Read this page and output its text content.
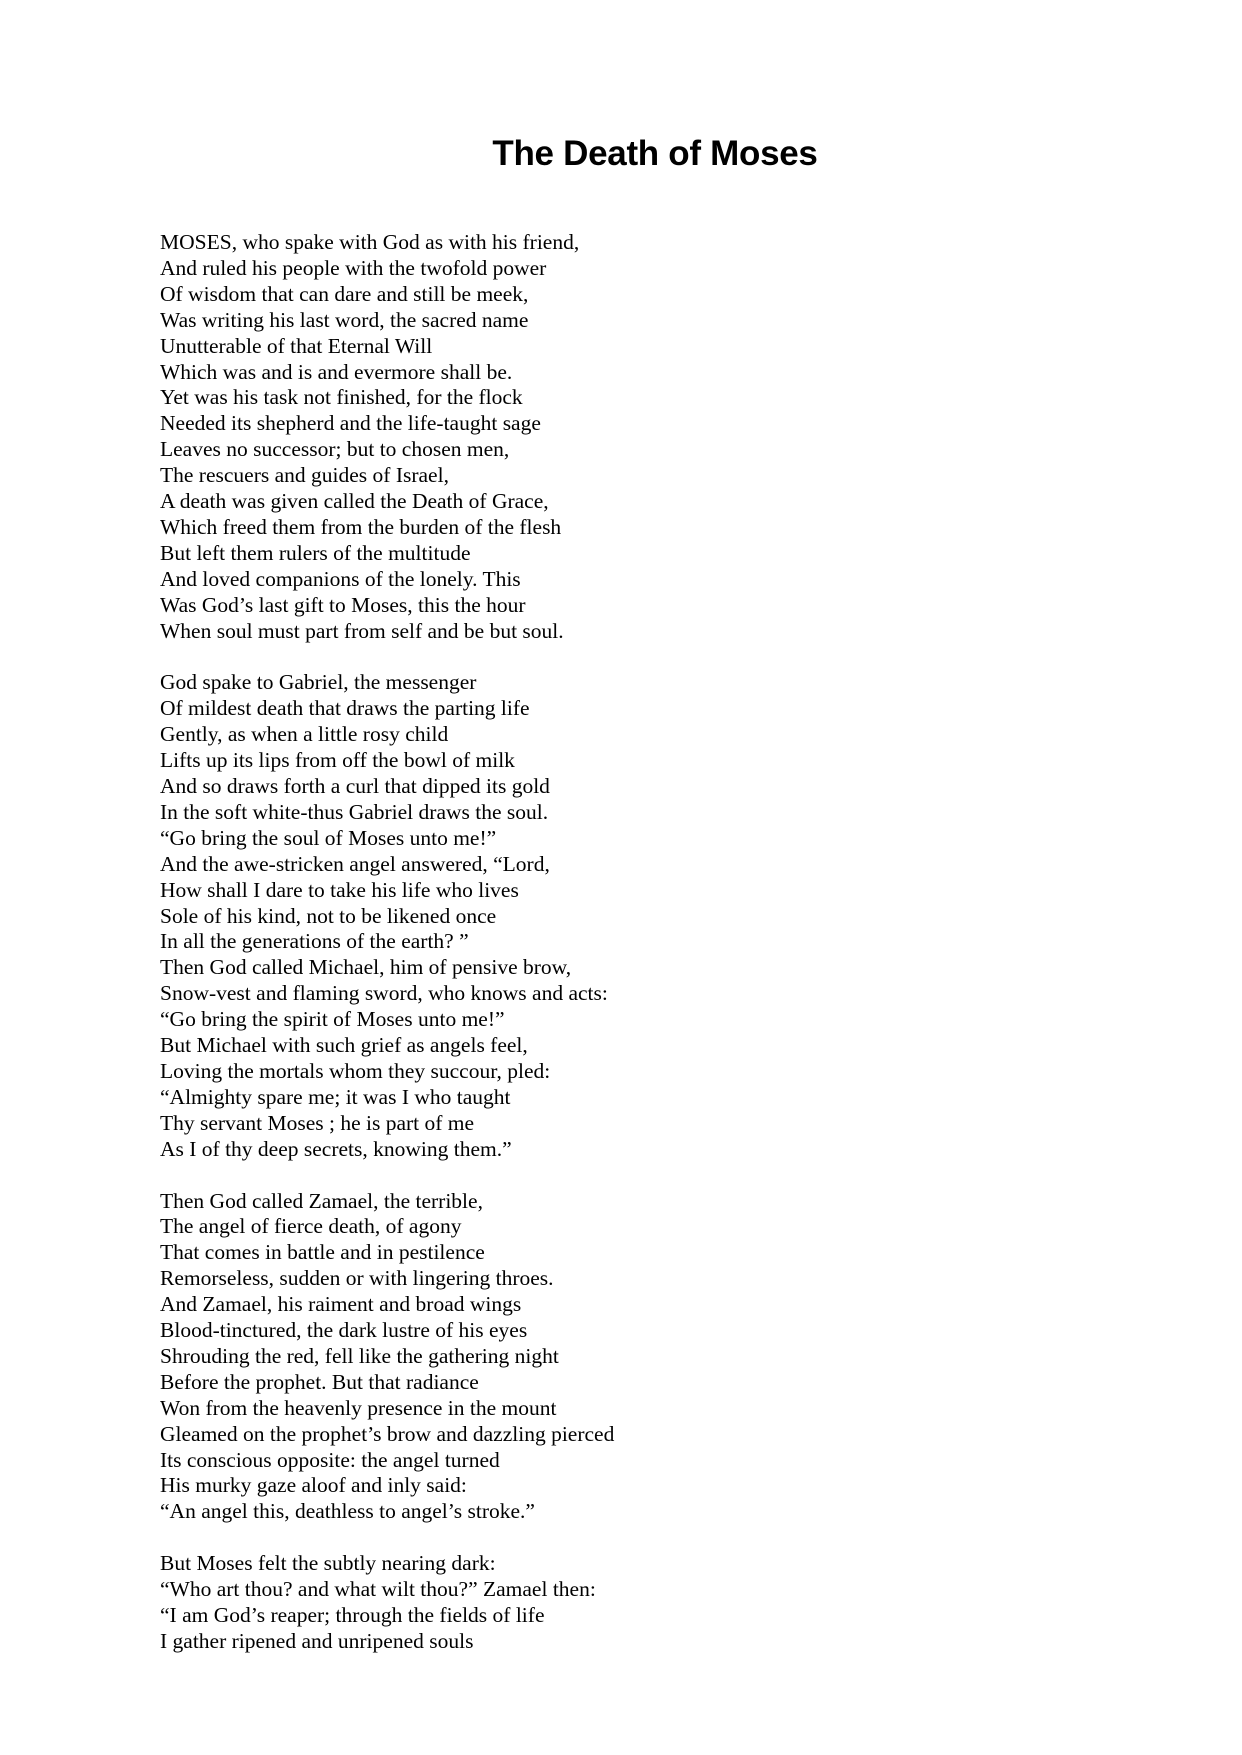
The Death of Moses
MOSES, who spake with God as with his friend,
And ruled his people with the twofold power
Of wisdom that can dare and still be meek,
Was writing his last word, the sacred name
Unutterable of that Eternal Will
Which was and is and evermore shall be.
Yet was his task not finished, for the flock
Needed its shepherd and the life-taught sage
Leaves no successor; but to chosen men,
The rescuers and guides of Israel,
A death was given called the Death of Grace,
Which freed them from the burden of the flesh
But left them rulers of the multitude
And loved companions of the lonely. This
Was God’s last gift to Moses, this the hour
When soul must part from self and be but soul.
God spake to Gabriel, the messenger
Of mildest death that draws the parting life
Gently, as when a little rosy child
Lifts up its lips from off the bowl of milk
And so draws forth a curl that dipped its gold
In the soft white-thus Gabriel draws the soul.
“Go bring the soul of Moses unto me!”
And the awe-stricken angel answered, “Lord,
How shall I dare to take his life who lives
Sole of his kind, not to be likened once
In all the generations of the earth? ”
Then God called Michael, him of pensive brow,
Snow-vest and flaming sword, who knows and acts:
“Go bring the spirit of Moses unto me!”
But Michael with such grief as angels feel,
Loving the mortals whom they succour, pled:
“Almighty spare me; it was I who taught
Thy servant Moses ; he is part of me
As I of thy deep secrets, knowing them.”
Then God called Zamael, the terrible,
The angel of fierce death, of agony
That comes in battle and in pestilence
Remorseless, sudden or with lingering throes.
And Zamael, his raiment and broad wings
Blood-tinctured, the dark lustre of his eyes
Shrouding the red, fell like the gathering night
Before the prophet. But that radiance
Won from the heavenly presence in the mount
Gleamed on the prophet’s brow and dazzling pierced
Its conscious opposite: the angel turned
His murky gaze aloof and inly said:
“An angel this, deathless to angel’s stroke.”
But Moses felt the subtly nearing dark:
“Who art thou? and what wilt thou?” Zamael then:
“I am God’s reaper; through the fields of life
I gather ripened and unripened souls
